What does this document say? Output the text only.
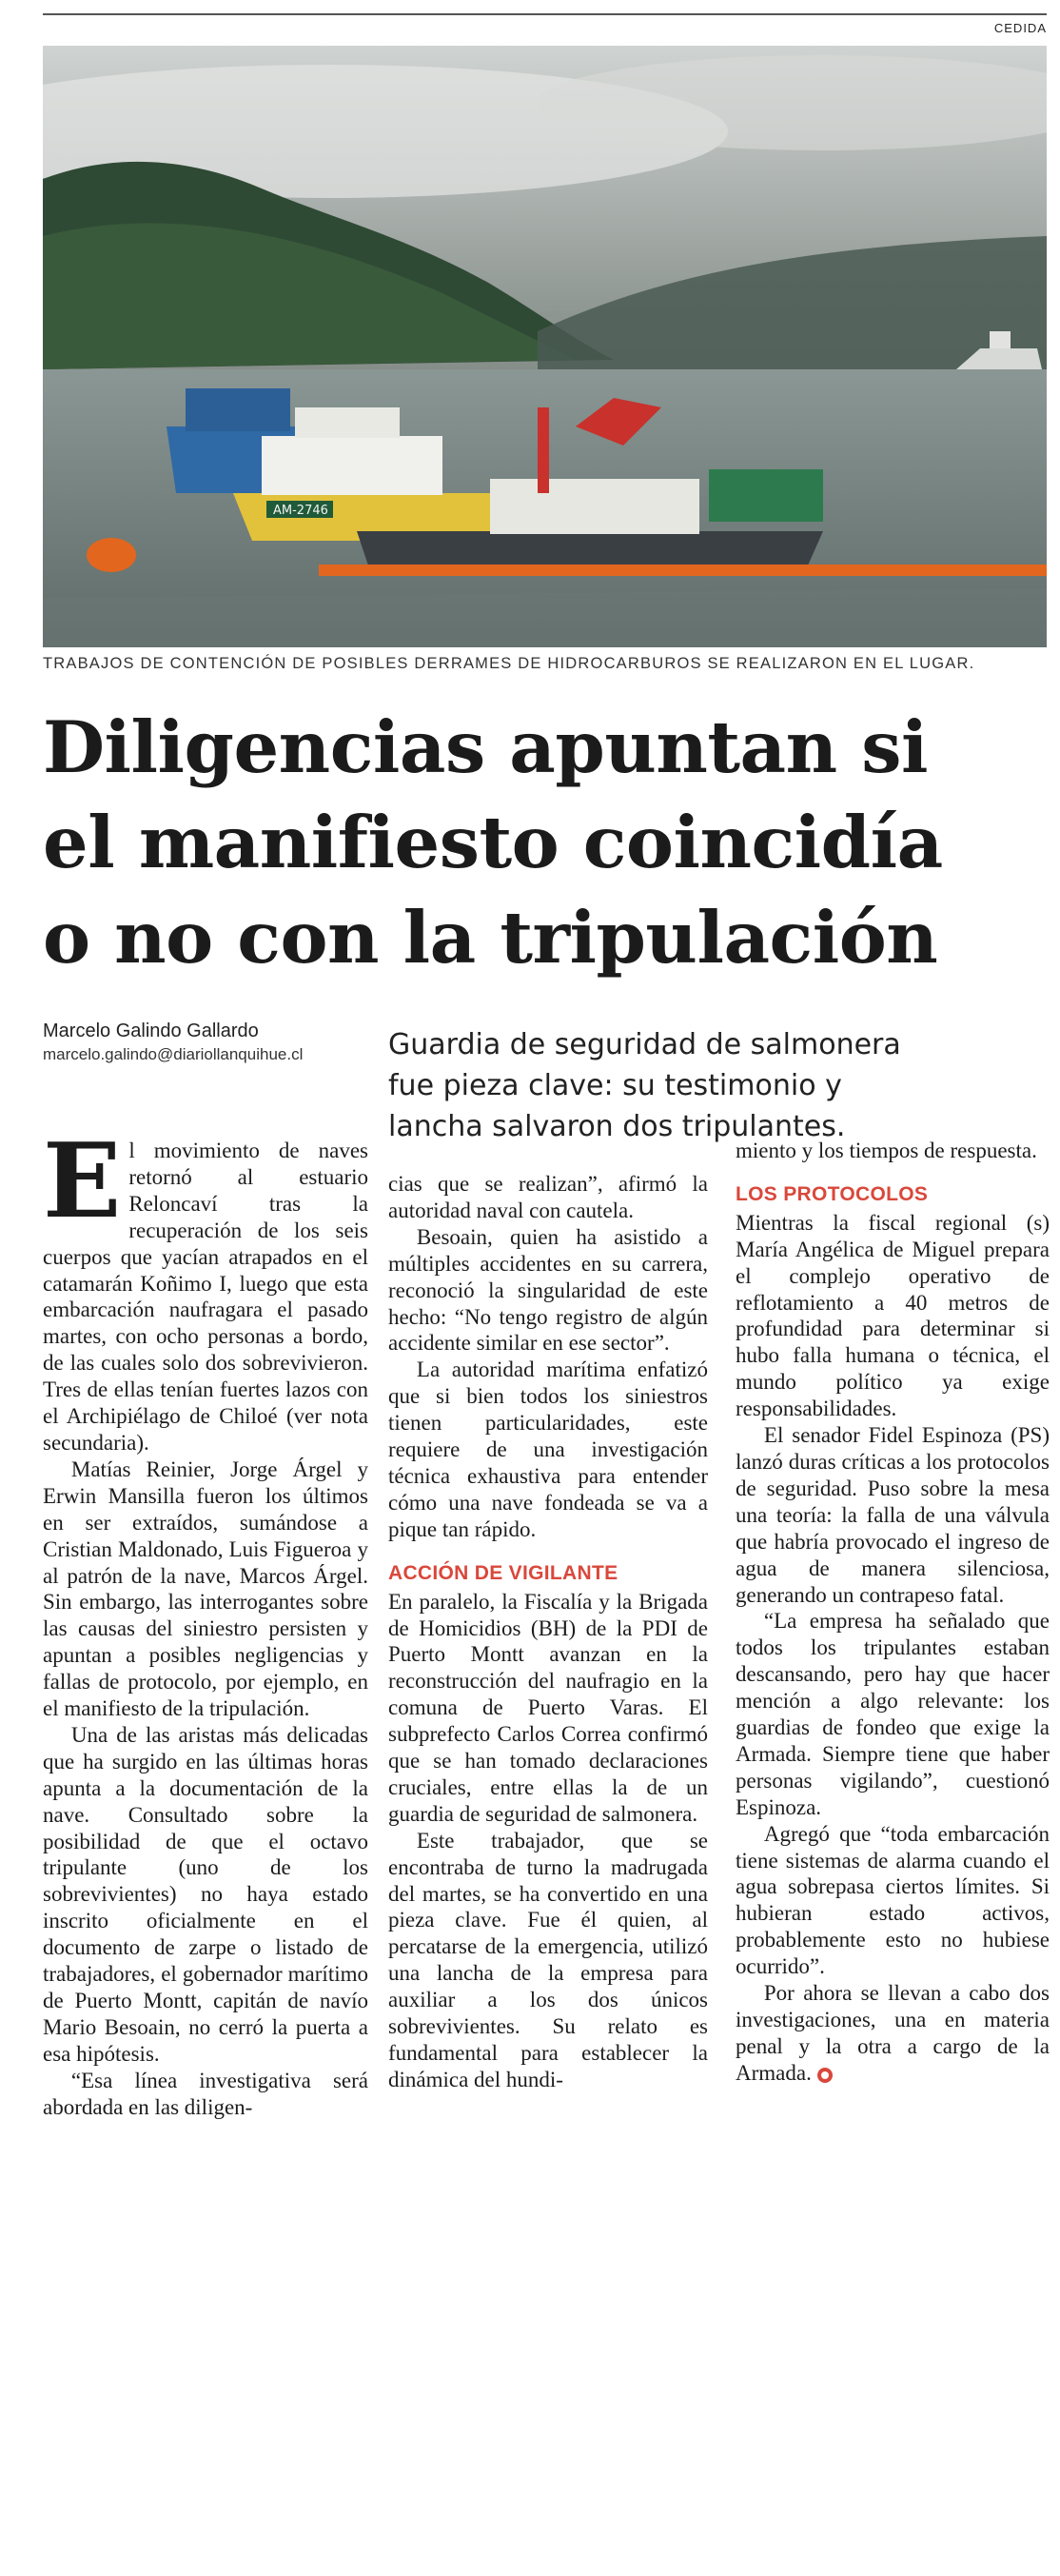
CEDIDA
AM-2746
TRABAJOS DE CONTENCIÓN DE POSIBLES DERRAMES DE HIDROCARBUROS SE REALIZARON EN EL LUGAR.
Diligencias apuntan si
el manifiesto coincidía
o no con la tripulación
Marcelo Galindo Gallardo
marcelo.galindo@diariollanquihue.cl	Guardia de seguridad de salmonera
fue pieza clave: su testimonio y
lancha salvaron dos tripulantes.

El movimiento de naves retornó al estuario Reloncaví tras la recuperación de los seis cuerpos que yacían atrapados en el catamarán Koñimo I, luego que esta embarcación naufragara el pasado martes, con ocho personas a bordo, de las cuales solo dos sobrevivieron. Tres de ellas tenían fuertes lazos con el Archipiélago de Chiloé (ver nota secundaria).

Matías Reinier, Jorge Árgel y Erwin Mansilla fueron los últimos en ser extraídos, sumándose a Cristian Maldonado, Luis Figueroa y al patrón de la nave, Marcos Árgel. Sin embargo, las interrogantes sobre las causas del siniestro persisten y apuntan a posibles negligencias y fallas de protocolo, por ejemplo, en el manifiesto de la tripulación.

Una de las aristas más delicadas que ha surgido en las últimas horas apunta a la documentación de la nave. Consultado sobre la posibilidad de que el octavo tripulante (uno de los sobrevivientes) no haya estado inscrito oficialmente en el documento de zarpe o listado de trabajadores, el gobernador marítimo de Puerto Montt, capitán de navío Mario Besoain, no cerró la puerta a esa hipótesis.

“Esa línea investigativa será abordada en las diligen-

cias que se realizan”, afirmó la autoridad naval con cautela.

Besoain, quien ha asistido a múltiples accidentes en su carrera, reconoció la singularidad de este hecho: “No tengo registro de algún accidente similar en ese sector”.

La autoridad marítima enfatizó que si bien todos los siniestros tienen particularidades, este requiere de una investigación técnica exhaustiva para entender cómo una nave fondeada se va a pique tan rápido.

ACCIÓN DE VIGILANTE

En paralelo, la Fiscalía y la Brigada de Homicidios (BH) de la PDI de Puerto Montt avanzan en la reconstrucción del naufragio en la comuna de Puerto Varas. El subprefecto Carlos Correa confirmó que se han tomado declaraciones cruciales, entre ellas la de un guardia de seguridad de salmonera.

Este trabajador, que se encontraba de turno la madrugada del martes, se ha convertido en una pieza clave. Fue él quien, al percatarse de la emergencia, utilizó una lancha de la empresa para auxiliar a los dos únicos sobrevivientes. Su relato es fundamental para establecer la dinámica del hundi-

miento y los tiempos de respuesta.

LOS PROTOCOLOS

Mientras la fiscal regional (s) María Angélica de Miguel prepara el complejo operativo de reflotamiento a 40 metros de profundidad para determinar si hubo falla humana o técnica, el mundo político ya exige responsabilidades.

El senador Fidel Espinoza (PS) lanzó duras críticas a los protocolos de seguridad. Puso sobre la mesa una teoría: la falla de una válvula que habría provocado el ingreso de agua de manera silenciosa, generando un contrapeso fatal.

“La empresa ha señalado que todos los tripulantes estaban descansando, pero hay que hacer mención a algo relevante: los guardias de fondeo que exige la Armada. Siempre tiene que haber personas vigilando”, cuestionó Espinoza.

Agregó que “toda embarcación tiene sistemas de alarma cuando el agua sobrepasa ciertos límites. Si hubieran estado activos, probablemente esto no hubiese ocurrido”.

Por ahora se llevan a cabo dos investigaciones, una en materia penal y la otra a cargo de la Armada.
